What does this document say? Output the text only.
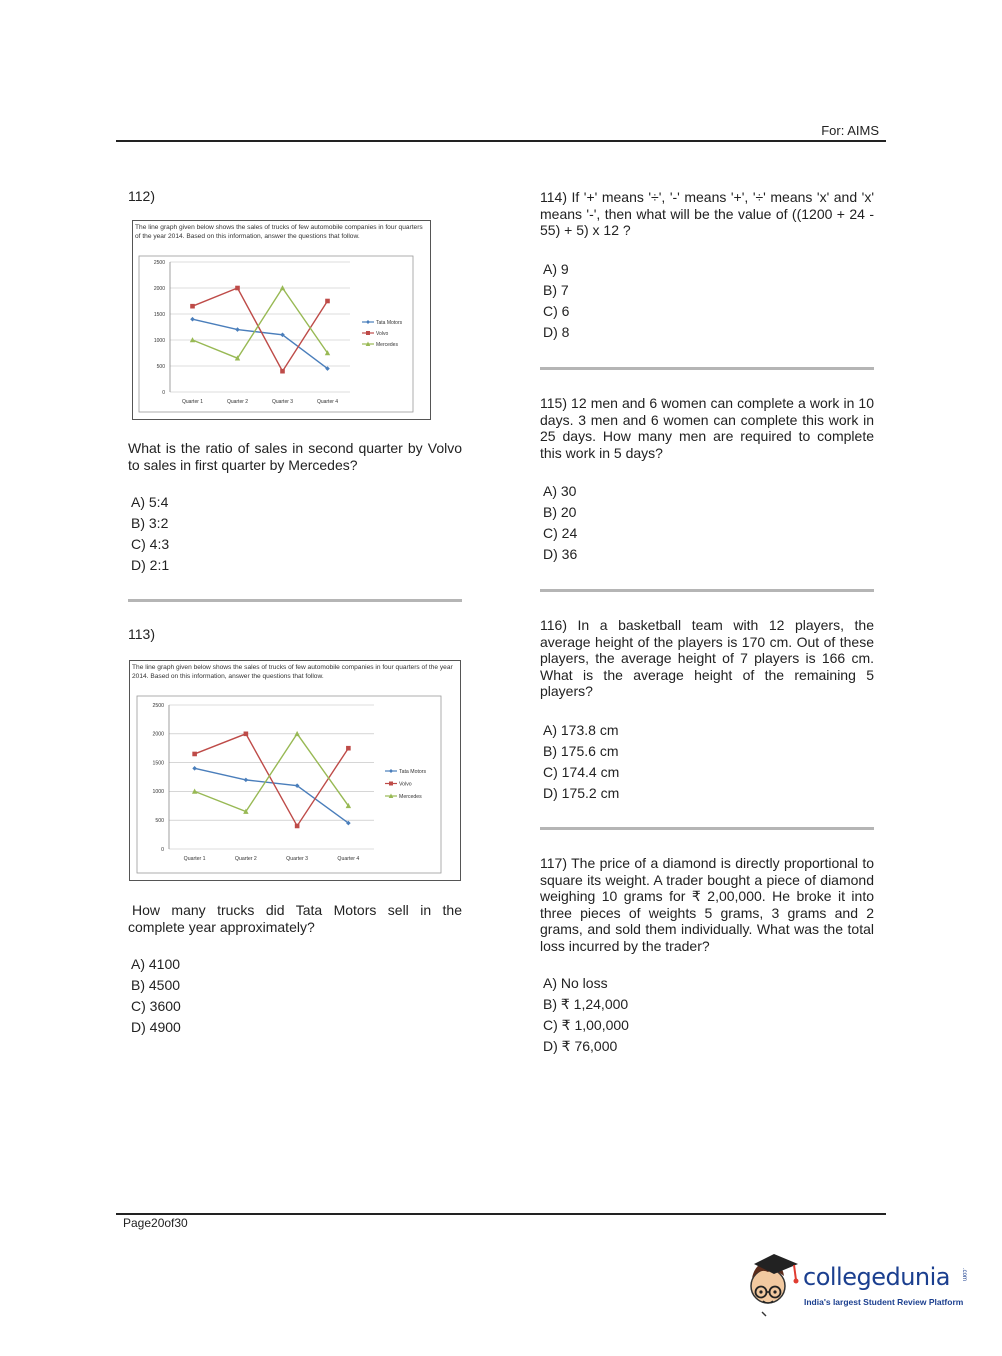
For: AIMS
112)
The line graph given below shows the sales of trucks of few automobile companies in four quarters of the year 2014. Based on this information, answer the questions that follow.
0
500
1000
1500
2000
2500
Quarter 1	Quarter 2	Quarter 3	Quarter 4
Tata Motors
Volvo
Mercedes
What is the ratio of sales in second quarter by Volvo to sales in first quarter by Mercedes?
A) 5:4
B) 3:2
C) 4:3
D) 2:1
113)
The line graph given below shows the sales of trucks of few automobile companies in four quarters of the year 2014. Based on this information, answer the questions that follow.
0
500
1000
1500
2000
2500
Quarter 1	Quarter 2	Quarter 3	Quarter 4
Tata Motors
Volvo
Mercedes
How many trucks did Tata Motors sell in the complete year approximately?
A) 4100
B) 4500
C) 3600
D) 4900
114) If '+' means '÷', '-' means '+', '÷' means 'x' and 'x' means '-', then what will be the value of ((1200 + 24 - 55) + 5) x 12 ?
A) 9
B) 7
C) 6
D) 8
115) 12 men and 6 women can complete a work in 10 days. 3 men and 6 women can complete this work in 25 days. How many men are required to complete this work in 5 days?
A) 30
B) 20
C) 24
D) 36
116) In a basketball team with 12 players, the average height of the players is 170 cm. Out of these players, the average height of 7 players is 166 cm. What is the average height of the remaining 5 players?
A) 173.8 cm
B) 175.6 cm
C) 174.4 cm
D) 175.2 cm
117) The price of a diamond is directly proportional to square its weight. A trader bought a piece of diamond weighing 10 grams for ₹ 2,00,000. He broke it into three pieces of weights 5 grams, 3 grams and 2 grams, and sold them individually. What was the total loss incurred by the trader?
A) No loss
B) ₹ 1,24,000
C) ₹ 1,00,000
D) ₹ 76,000
Page20of30
collegedunia .com
India's largest Student Review Platform
